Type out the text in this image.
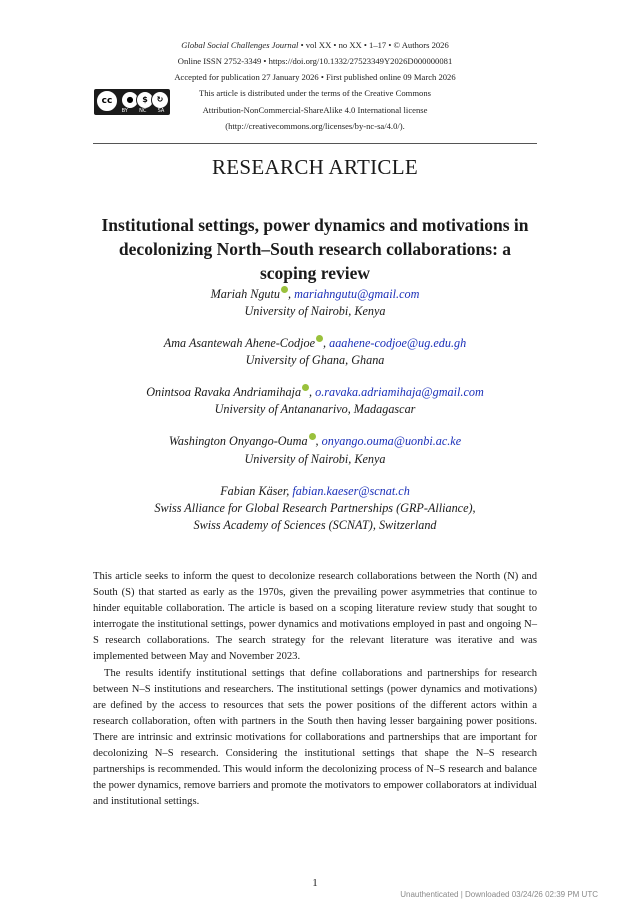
Global Social Challenges Journal • vol XX • no XX • 1–17 • © Authors 2026
Online ISSN 2752-3349 • https://doi.org/10.1332/27523349Y2026D000000081
Accepted for publication 27 January 2026 • First published online 09 March 2026
cc	●	$	↻
BY NC SA
This article is distributed under the terms of the Creative Commons
Attribution-NonCommercial-ShareAlike 4.0 International license
(http://creativecommons.org/licenses/by-nc-sa/4.0/).
RESEARCH ARTICLE
Institutional settings, power dynamics and motivations in decolonizing North–South research collaborations: a scoping review
Mariah Ngutu , mariahngutu@gmail.com
University of Nairobi, Kenya
Ama Asantewah Ahene-Codjoe , aaahene-codjoe@ug.edu.gh
University of Ghana, Ghana
Onintsoa Ravaka Andriamihaja , o.ravaka.adriamihaja@gmail.com
University of Antananarivo, Madagascar
Washington Onyango-Ouma , onyango.ouma@uonbi.ac.ke
University of Nairobi, Kenya
Fabian Käser, fabian.kaeser@scnat.ch
Swiss Alliance for Global Research Partnerships (GRP-Alliance),
Swiss Academy of Sciences (SCNAT), Switzerland

This article seeks to inform the quest to decolonize research collaborations between the North (N) and South (S) that started as early as the 1970s, given the prevailing power asymmetries that continue to hinder equitable collaboration. The article is based on a scoping literature review study that sought to interrogate the institutional settings, power dynamics and motivations employed in past and ongoing N–S research collaborations. The search strategy for the relevant literature was iterative and was implemented between May and November 2023.

The results identify institutional settings that define collaborations and partnerships for research between N–S institutions and researchers. The institutional settings (power dynamics and motivations) are defined by the access to resources that sets the power positions of the different actors within a research collaboration, often with partners in the South then having lesser bargaining power positions. There are intrinsic and extrinsic motivations for collaborations and partnerships that are important for decolonizing N–S research. Considering the institutional settings that shape the N–S research partnerships is recommended. This would inform the decolonizing process of N–S research and balance the power dynamics, remove barriers and promote the motivators to empower collaborators at individual and institutional settings.

1
Unauthenticated | Downloaded 03/24/26 02:39 PM UTC
